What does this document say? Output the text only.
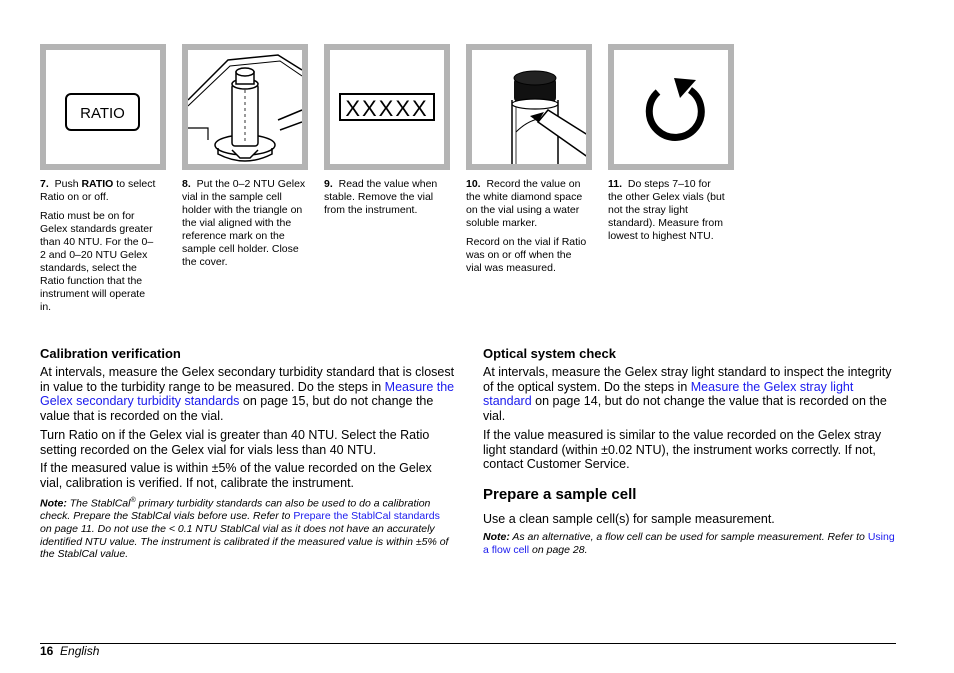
RATIO	XXXXX

7. Push RATIO to select Ratio on or off.

Ratio must be on for Gelex standards greater than 40 NTU. For the 0–2 and 0–20 NTU Gelex standards, select the Ratio function that the instrument will operate in.

8. Put the 0–2 NTU Gelex vial in the sample cell holder with the triangle on the vial aligned with the reference mark on the sample cell holder. Close the cover.

9. Read the value when stable. Remove the vial from the instrument.

10. Record the value on the white diamond space on the vial using a water soluble marker.

Record on the vial if Ratio was on or off when the vial was measured.

11. Do steps 7–10 for the other Gelex vials (but not the stray light standard). Measure from lowest to highest NTU.

Calibration verification
At intervals, measure the Gelex secondary turbidity standard that is closest in value to the turbidity range to be measured. Do the steps in Measure the Gelex secondary turbidity standards on page 15, but do not change the value that is recorded on the vial.
Turn Ratio on if the Gelex vial is greater than 40 NTU. Select the Ratio setting recorded on the Gelex vial for vials less than 40 NTU.
If the measured value is within ±5% of the value recorded on the Gelex vial, calibration is verified. If not, calibrate the instrument.
Note: The StablCal® primary turbidity standards can also be used to do a calibration check. Prepare the StablCal vials before use. Refer to Prepare the StablCal standards on page 11. Do not use the < 0.1 NTU StablCal vial as it does not have an accurately identified NTU value. The instrument is calibrated if the measured value is within ±5% of the StablCal value.
Optical system check
At intervals, measure the Gelex stray light standard to inspect the integrity of the optical system. Do the steps in Measure the Gelex stray light standard on page 14, but do not change the value that is recorded on the vial.
If the value measured is similar to the value recorded on the Gelex stray light standard (within ±0.02 NTU), the instrument works correctly. If not, contact Customer Service.
Prepare a sample cell
Use a clean sample cell(s) for sample measurement.
Note: As an alternative, a flow cell can be used for sample measurement. Refer to Using a flow cell on page 28.
16 English
